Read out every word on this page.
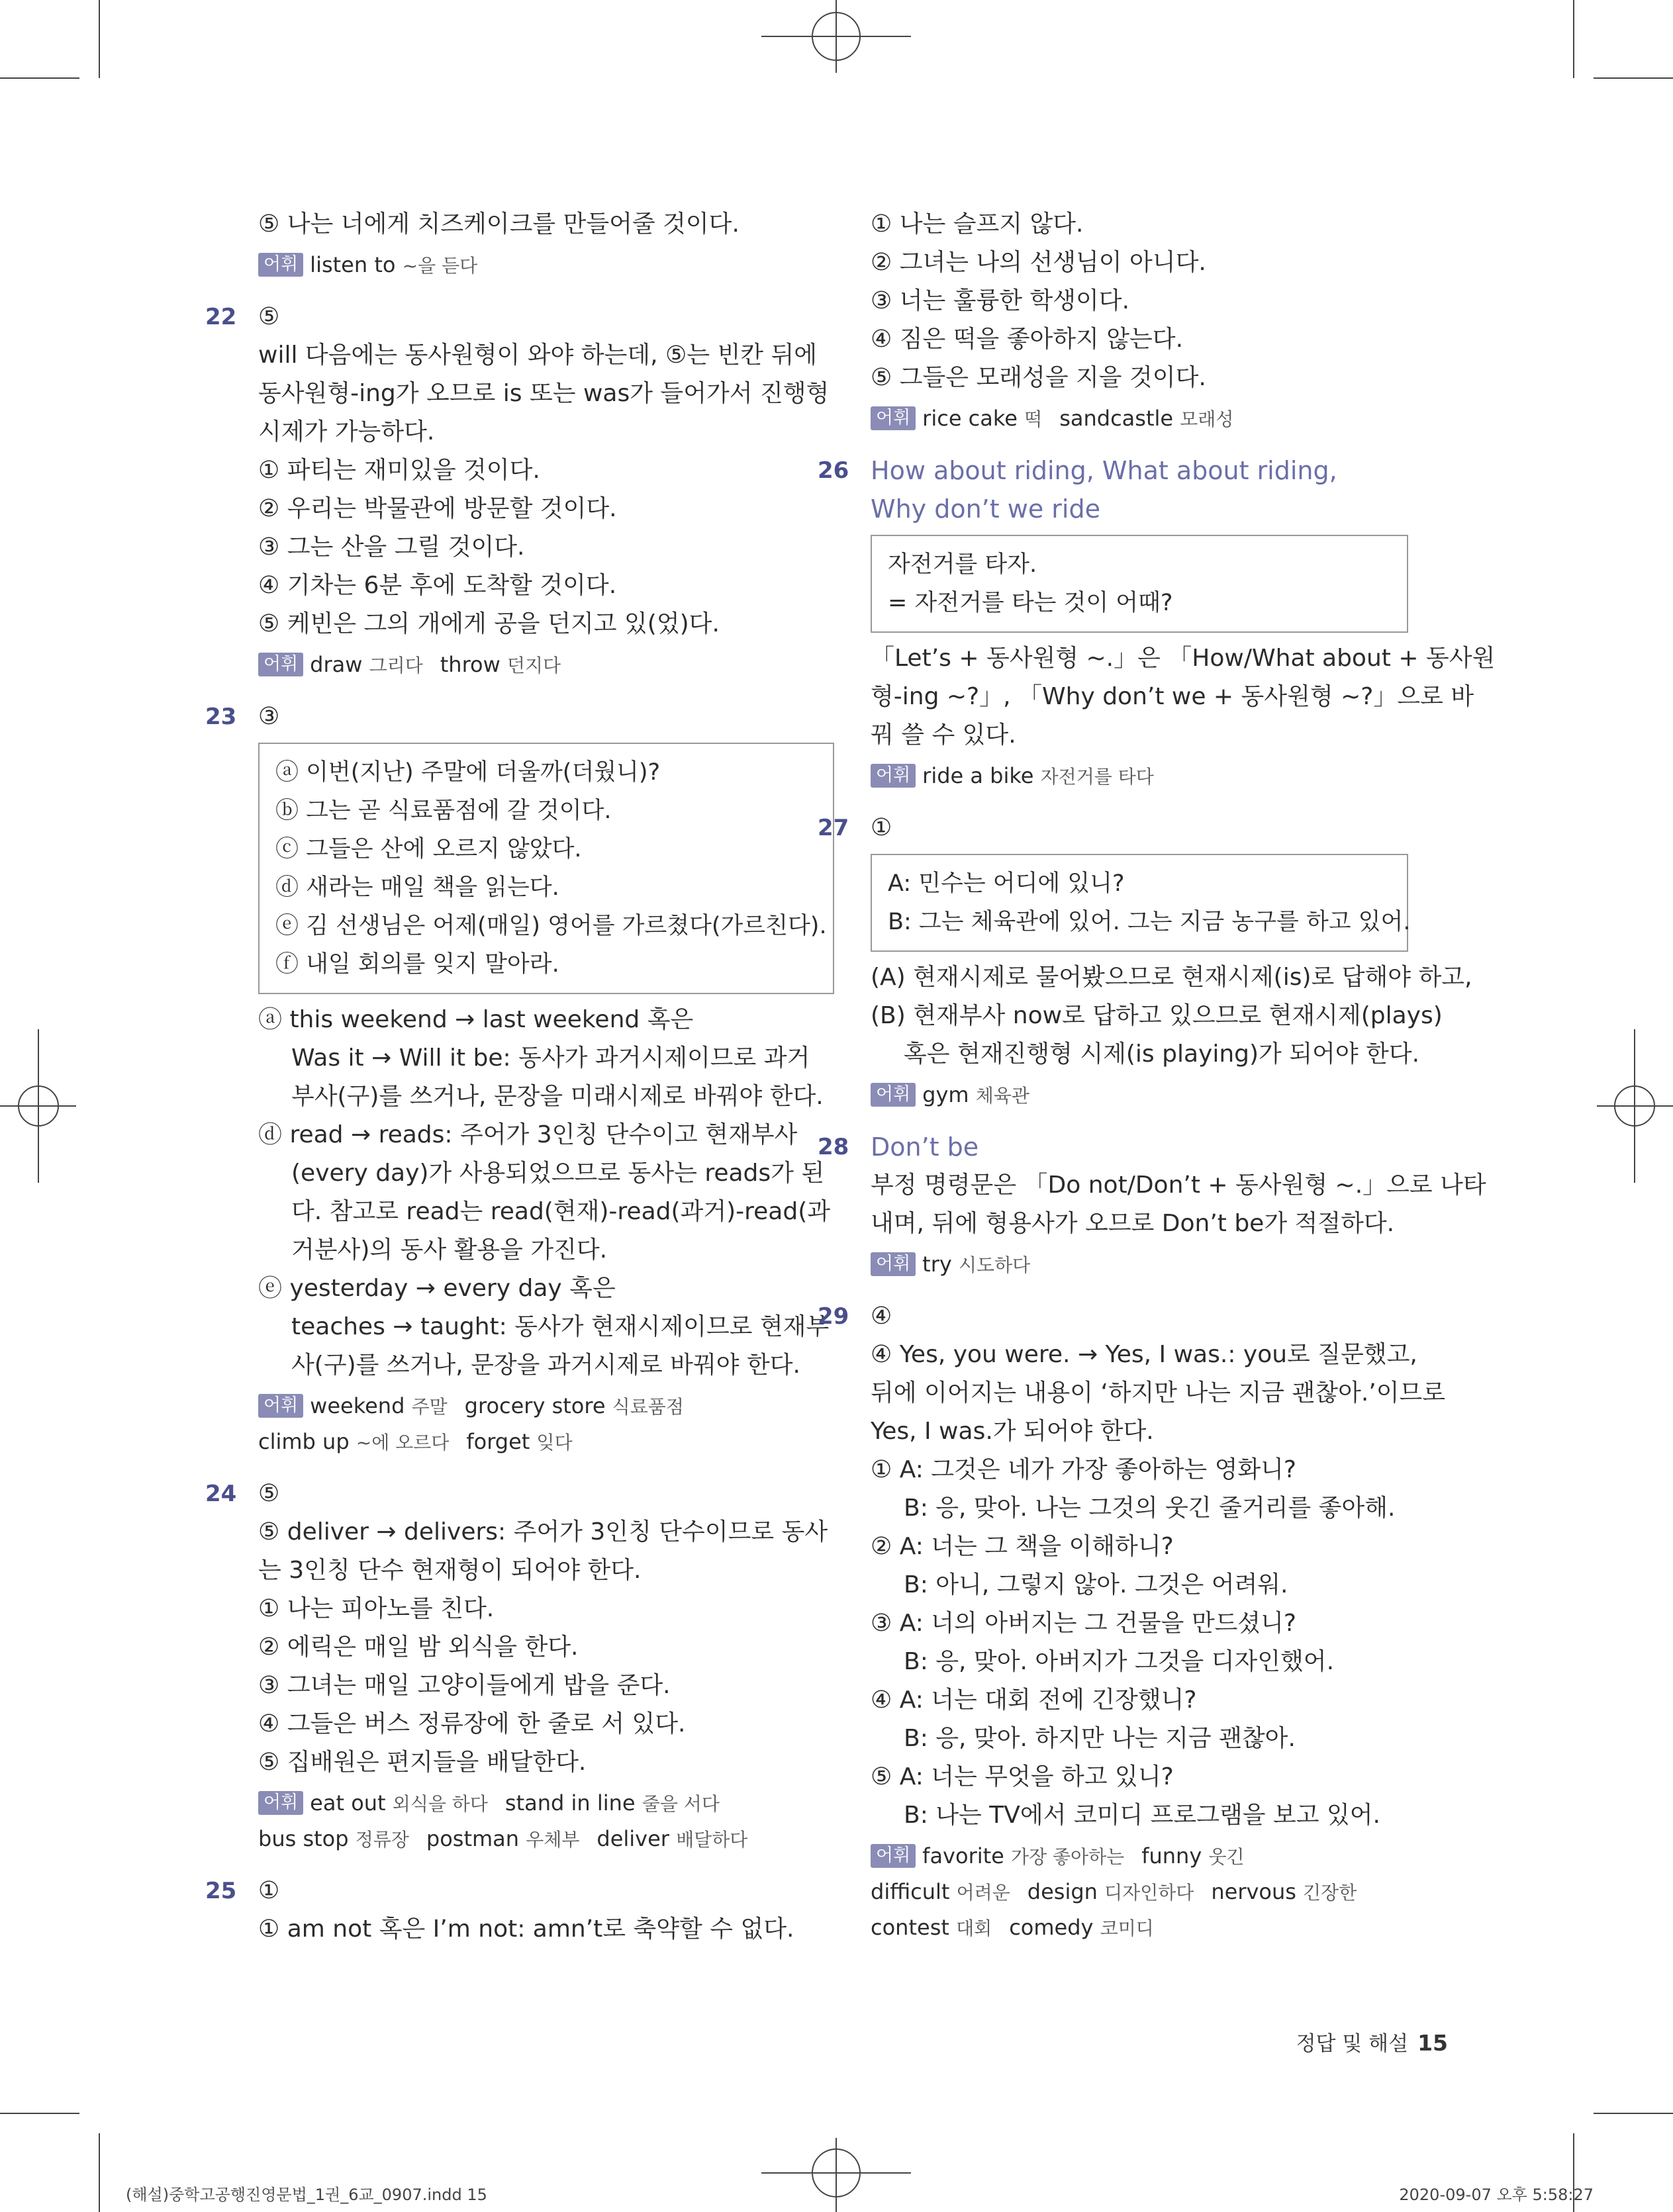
⑤ 나는 너에게 치즈케이크를 만들어줄 것이다.
어휘 listen to ~을 듣다
22 ⑤
will 다음에는 동사원형이 와야 하는데, ⑤는 빈칸 뒤에 동사원형-ing가 오므로 is 또는 was가 들어가서 진행형시제가 가능하다.
① 파티는 재미있을 것이다.
② 우리는 박물관에 방문할 것이다.
③ 그는 산을 그릴 것이다.
④ 기차는 6분 후에 도착할 것이다.
⑤ 케빈은 그의 개에게 공을 던지고 있(었)다.
어휘 draw 그리다 throw 던지다
23 ③
ⓐ 이번(지난) 주말에 더울까(더웠니)?
ⓑ 그는 곧 식료품점에 갈 것이다.
ⓒ 그들은 산에 오르지 않았다.
ⓓ 새라는 매일 책을 읽는다.
ⓔ 김 선생님은 어제(매일) 영어를 가르쳤다(가르친다).
ⓕ 내일 회의를 잊지 말아라.
ⓐ this weekend → last weekend 혹은
Was it → Will it be: 동사가 과거시제이므로 과거
부사(구)를 쓰거나, 문장을 미래시제로 바꿔야 한다.
ⓓ read → reads: 주어가 3인칭 단수이고 현재부사
(every day)가 사용되었으므로 동사는 reads가 된
다. 참고로 read는 read(현재)-read(과거)-read(과
거분사)의 동사 활용을 가진다.
ⓔ yesterday → every day 혹은
teaches → taught: 동사가 현재시제이므로 현재부
사(구)를 쓰거나, 문장을 과거시제로 바꿔야 한다.
어휘 weekend 주말 grocery store 식료품점
climb up ~에 오르다 forget 잊다
24 ⑤
⑤ deliver → delivers: 주어가 3인칭 단수이므로 동사
는 3인칭 단수 현재형이 되어야 한다.
① 나는 피아노를 친다.
② 에릭은 매일 밤 외식을 한다.
③ 그녀는 매일 고양이들에게 밥을 준다.
④ 그들은 버스 정류장에 한 줄로 서 있다.
⑤ 집배원은 편지들을 배달한다.
어휘 eat out 외식을 하다 stand in line 줄을 서다
bus stop 정류장 postman 우체부 deliver 배달하다
25 ①
① am not 혹은 I’m not: amn’t로 축약할 수 없다.
① 나는 슬프지 않다.
② 그녀는 나의 선생님이 아니다.
③ 너는 훌륭한 학생이다.
④ 짐은 떡을 좋아하지 않는다.
⑤ 그들은 모래성을 지을 것이다.
어휘 rice cake 떡 sandcastle 모래성
26 How about riding, What about riding,
Why don’t we ride
자전거를 타자.
= 자전거를 타는 것이 어때?
「Let’s + 동사원형 ~.」은 「How/What about + 동사원
형-ing ~?」, 「Why don’t we + 동사원형 ~?」으로 바
꿔 쓸 수 있다.
어휘 ride a bike 자전거를 타다
27 ①
A: 민수는 어디에 있니?
B: 그는 체육관에 있어. 그는 지금 농구를 하고 있어.
(A) 현재시제로 물어봤으므로 현재시제(is)로 답해야 하고,
(B) 현재부사 now로 답하고 있으므로 현재시제(plays)
혹은 현재진행형 시제(is playing)가 되어야 한다.
어휘 gym 체육관
28 Don’t be
부정 명령문은 「Do not/Don’t + 동사원형 ~.」으로 나타
내며, 뒤에 형용사가 오므로 Don’t be가 적절하다.
어휘 try 시도하다
29 ④
④ Yes, you were. → Yes, I was.: you로 질문했고,
뒤에 이어지는 내용이 ‘하지만 나는 지금 괜찮아.’이므로
Yes, I was.가 되어야 한다.
① A: 그것은 네가 가장 좋아하는 영화니?
B: 응, 맞아. 나는 그것의 웃긴 줄거리를 좋아해.
② A: 너는 그 책을 이해하니?
B: 아니, 그렇지 않아. 그것은 어려워.
③ A: 너의 아버지는 그 건물을 만드셨니?
B: 응, 맞아. 아버지가 그것을 디자인했어.
④ A: 너는 대회 전에 긴장했니?
B: 응, 맞아. 하지만 나는 지금 괜찮아.
⑤ A: 너는 무엇을 하고 있니?
B: 나는 TV에서 코미디 프로그램을 보고 있어.
어휘 favorite 가장 좋아하는 funny 웃긴
difficult 어려운 design 디자인하다 nervous 긴장한
contest 대회 comedy 코미디
정답 및 해설 15
(해설)중학고공행진영문법_1권_6교_0907.indd 15	2020-09-07 오후 5:58:27
